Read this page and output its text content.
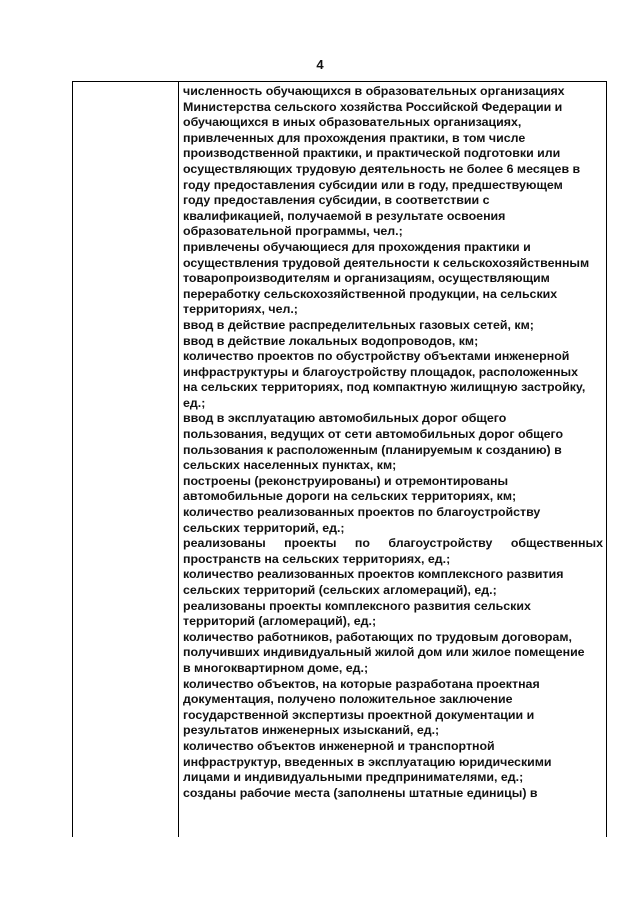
4
численность обучающихся в образовательных организациях
Министерства сельского хозяйства Российской Федерации и
обучающихся в иных образовательных организациях,
привлеченных для прохождения практики, в том числе
производственной практики, и практической подготовки или
осуществляющих трудовую деятельность не более 6 месяцев в
году предоставления субсидии или в году, предшествующем
году предоставления субсидии, в соответствии с
квалификацией, получаемой в результате освоения
образовательной программы, чел.;
привлечены обучающиеся для прохождения практики и
осуществления трудовой деятельности к сельскохозяйственным
товаропроизводителям и организациям, осуществляющим
переработку сельскохозяйственной продукции, на сельских
территориях, чел.;
ввод в действие распределительных газовых сетей, км;
ввод в действие локальных водопроводов, км;
количество проектов по обустройству объектами инженерной
инфраструктуры и благоустройству площадок, расположенных
на сельских территориях, под компактную жилищную застройку,
ед.;
ввод в эксплуатацию автомобильных дорог общего
пользования, ведущих от сети автомобильных дорог общего
пользования к расположенным (планируемым к созданию) в
сельских населенных пунктах, км;
построены (реконструированы) и отремонтированы
автомобильные дороги на сельских территориях, км;
количество реализованных проектов по благоустройству
сельских территорий, ед.;
реализованы проекты по благоустройству общественных
пространств на сельских территориях, ед.;
количество реализованных проектов комплексного развития
сельских территорий (сельских агломераций), ед.;
реализованы проекты комплексного развития сельских
территорий (агломераций), ед.;
количество работников, работающих по трудовым договорам,
получивших индивидуальный жилой дом или жилое помещение
в многоквартирном доме, ед.;
количество объектов, на которые разработана проектная
документация, получено положительное заключение
государственной экспертизы проектной документации и
результатов инженерных изысканий, ед.;
количество объектов инженерной и транспортной
инфраструктур, введенных в эксплуатацию юридическими
лицами и индивидуальными предпринимателями, ед.;
созданы рабочие места (заполнены штатные единицы) в
